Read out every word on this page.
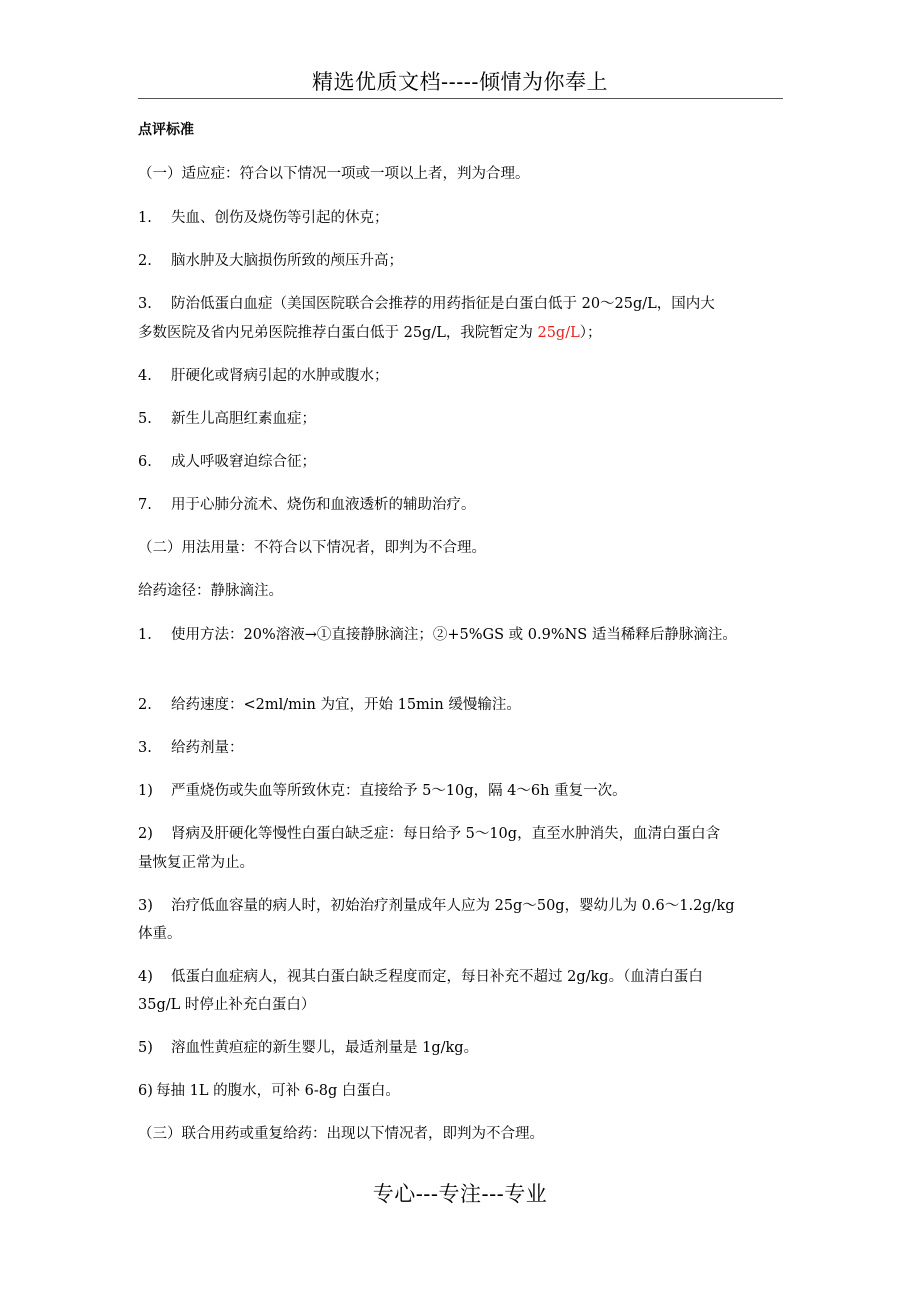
精选优质文档-----倾情为你奉上
点评标准
（一）适应症：符合以下情况一项或一项以上者，判为合理。
1. 失血、创伤及烧伤等引起的休克；
2. 脑水肿及大脑损伤所致的颅压升高；
3. 防治低蛋白血症（美国医院联合会推荐的用药指征是白蛋白低于 20～25g/L，国内大
多数医院及省内兄弟医院推荐白蛋白低于 25g/L，我院暂定为 25g/L）；
4. 肝硬化或肾病引起的水肿或腹水；
5. 新生儿高胆红素血症；
6. 成人呼吸窘迫综合征；
7. 用于心肺分流术、烧伤和血液透析的辅助治疗。
（二）用法用量：不符合以下情况者，即判为不合理。
给药途径：静脉滴注。
1. 使用方法：20%溶液→①直接静脉滴注；②+5%GS 或 0.9%NS 适当稀释后静脉滴注。
2. 给药速度：<2ml/min 为宜，开始 15min 缓慢输注。
3. 给药剂量：
1) 严重烧伤或失血等所致休克：直接给予 5～10g，隔 4～6h 重复一次。
2) 肾病及肝硬化等慢性白蛋白缺乏症：每日给予 5～10g，直至水肿消失，血清白蛋白含
量恢复正常为止。
3) 治疗低血容量的病人时，初始治疗剂量成年人应为 25g～50g，婴幼儿为 0.6～1.2g/kg
体重。
4) 低蛋白血症病人，视其白蛋白缺乏程度而定，每日补充不超过 2g/kg。（血清白蛋白
35g/L 时停止补充白蛋白）
5) 溶血性黄疸症的新生婴儿，最适剂量是 1g/kg。
6) 每抽 1L 的腹水，可补 6-8g 白蛋白。
（三）联合用药或重复给药：出现以下情况者，即判为不合理。
专心---专注---专业
